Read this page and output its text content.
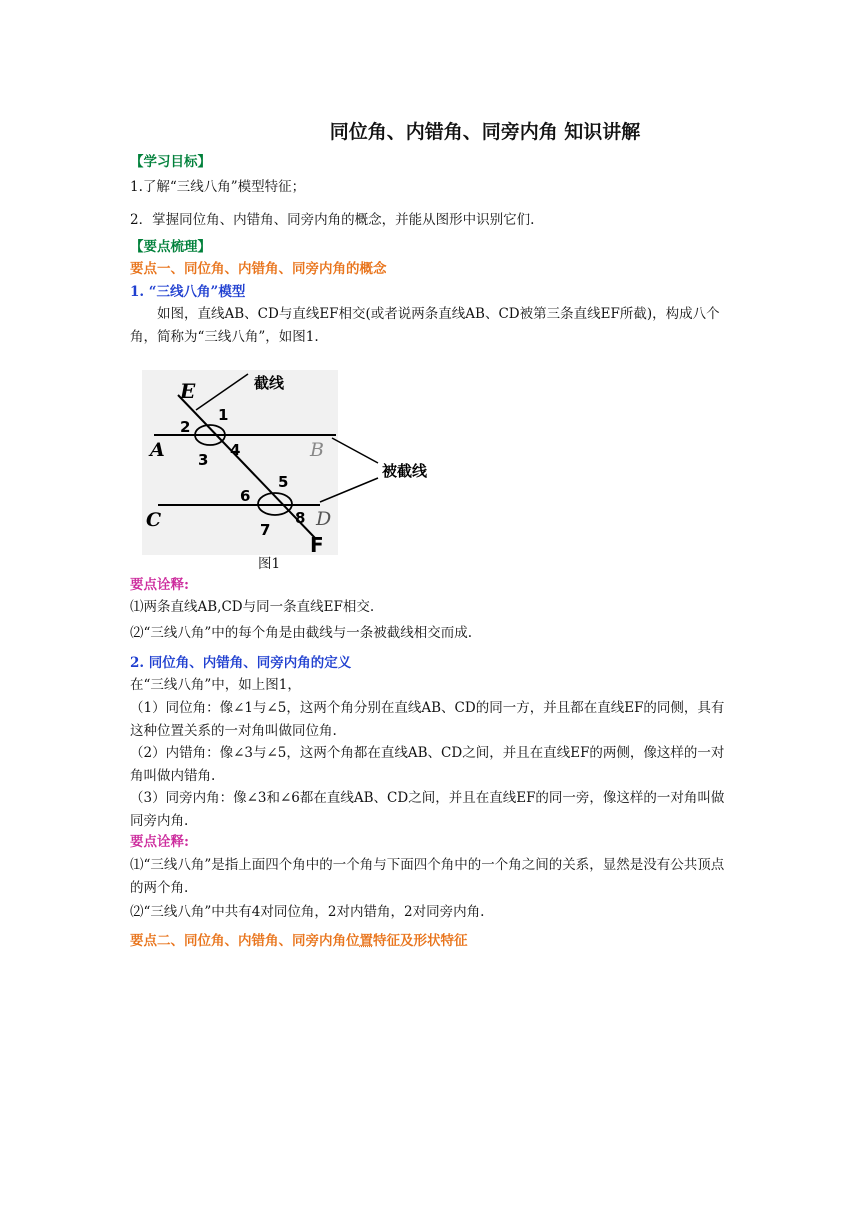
同位角、内错角、同旁内角 知识讲解
【学习目标】
1.了解“三线八角”模型特征；
2．掌握同位角、内错角、同旁内角的概念，并能从图形中识别它们.
【要点梳理】
要点一、同位角、内错角、同旁内角的概念
1. “三线八角”模型
如图，直线AB、CD与直线EF相交(或者说两条直线AB、CD被第三条直线EF所截)，构成八个角，简称为“三线八角”，如图1.
E
A	B
C	D
F
1
2
3
4
5
6
7
8
截线
被截线
图1
要点诠释:
⑴两条直线AB,CD与同一条直线EF相交.
⑵“三线八角”中的每个角是由截线与一条被截线相交而成.
2. 同位角、内错角、同旁内角的定义
在“三线八角”中，如上图1，
（1）同位角：像∠1与∠5，这两个角分别在直线AB、CD的同一方，并且都在直线EF的同侧，具有这种位置关系的一对角叫做同位角.
（2）内错角：像∠3与∠5，这两个角都在直线AB、CD之间，并且在直线EF的两侧，像这样的一对角叫做内错角.
（3）同旁内角：像∠3和∠6都在直线AB、CD之间，并且在直线EF的同一旁，像这样的一对角叫做同旁内角.
要点诠释:
⑴“三线八角”是指上面四个角中的一个角与下面四个角中的一个角之间的关系，显然是没有公共顶点的两个角.
⑵“三线八角”中共有4对同位角，2对内错角，2对同旁内角.
要点二、同位角、内错角、同旁内角位置特征及形状特征
